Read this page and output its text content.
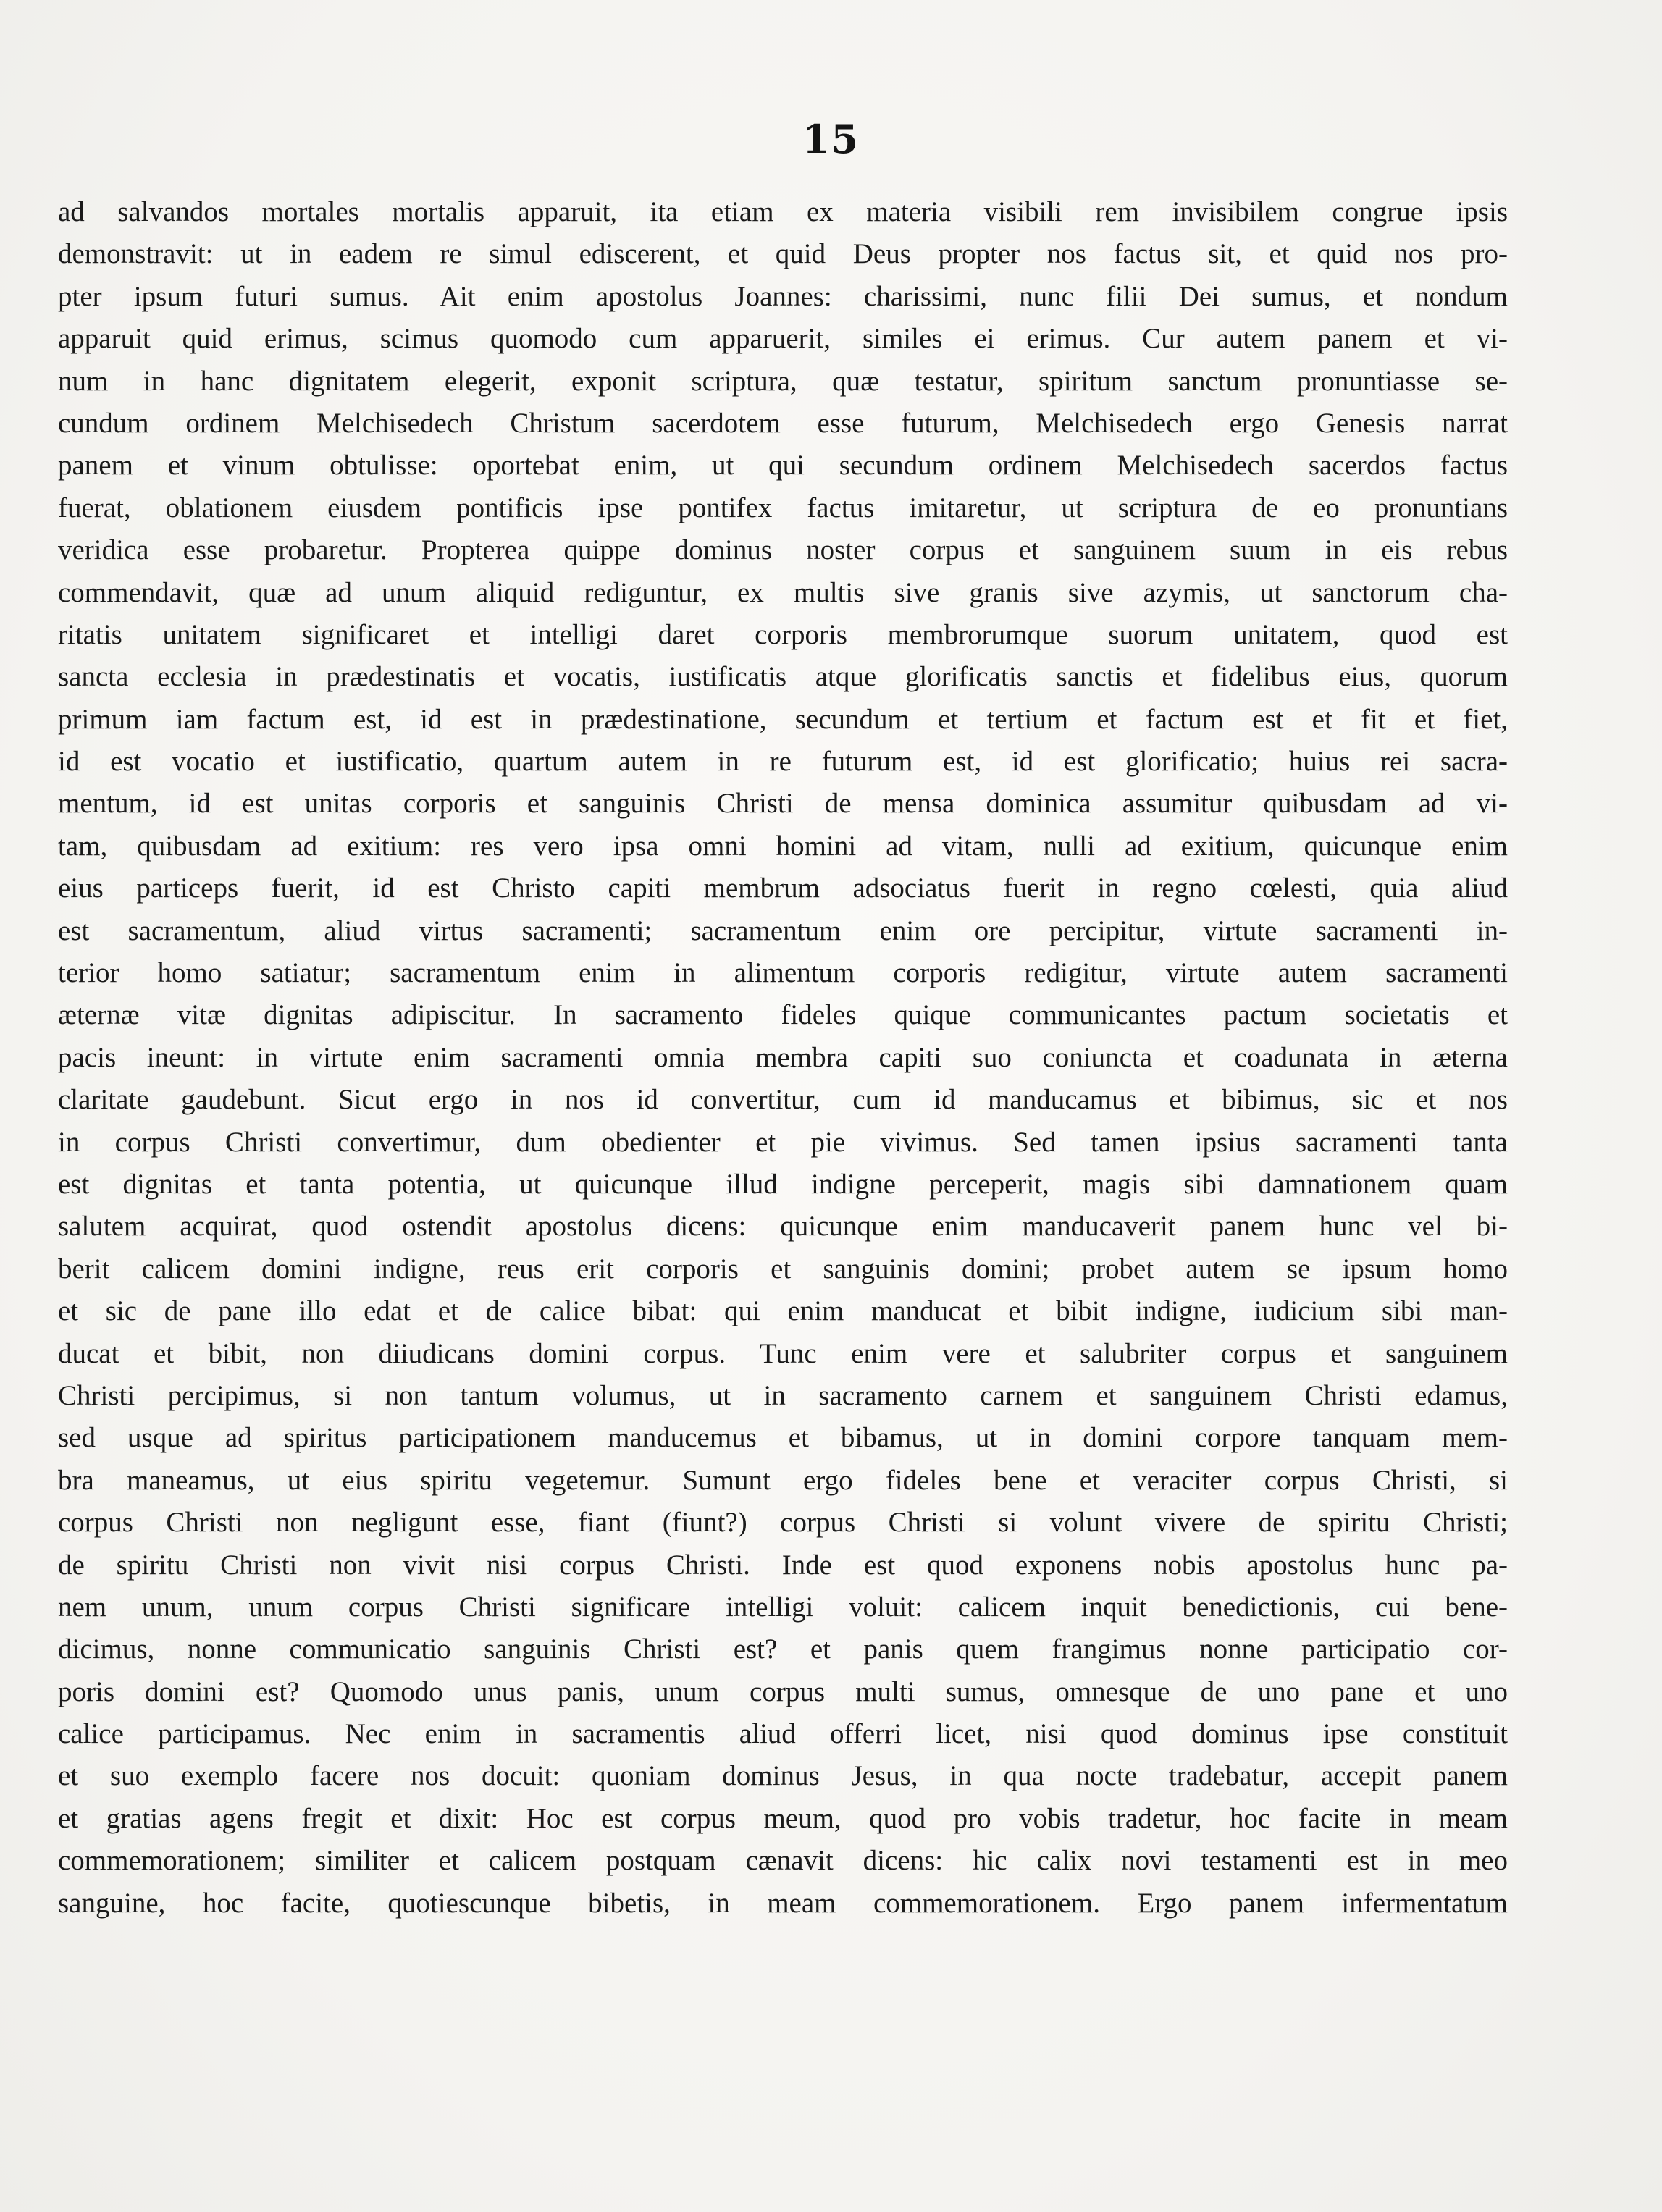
15
ad salvandos mortales mortalis apparuit, ita etiam ex materia visibili rem invisibilem congrue ipsis
demonstravit: ut in eadem re simul ediscerent, et quid Deus propter nos factus sit, et quid nos pro-
pter ipsum futuri sumus. Ait enim apostolus Joannes: charissimi, nunc filii Dei sumus, et nondum
apparuit quid erimus, scimus quomodo cum apparuerit, similes ei erimus. Cur autem panem et vi-
num in hanc dignitatem elegerit, exponit scriptura, quæ testatur, spiritum sanctum pronuntiasse se-
cundum ordinem Melchisedech Christum sacerdotem esse futurum, Melchisedech ergo Genesis narrat
panem et vinum obtulisse: oportebat enim, ut qui secundum ordinem Melchisedech sacerdos factus
fuerat, oblationem eiusdem pontificis ipse pontifex factus imitaretur, ut scriptura de eo pronuntians
veridica esse probaretur. Propterea quippe dominus noster corpus et sanguinem suum in eis rebus
commendavit, quæ ad unum aliquid rediguntur, ex multis sive granis sive azymis, ut sanctorum cha-
ritatis unitatem significaret et intelligi daret corporis membrorumque suorum unitatem, quod est
sancta ecclesia in prædestinatis et vocatis, iustificatis atque glorificatis sanctis et fidelibus eius, quorum
primum iam factum est, id est in prædestinatione, secundum et tertium et factum est et fit et fiet,
id est vocatio et iustificatio, quartum autem in re futurum est, id est glorificatio; huius rei sacra-
mentum, id est unitas corporis et sanguinis Christi de mensa dominica assumitur quibusdam ad vi-
tam, quibusdam ad exitium: res vero ipsa omni homini ad vitam, nulli ad exitium, quicunque enim
eius particeps fuerit, id est Christo capiti membrum adsociatus fuerit in regno cœlesti, quia aliud
est sacramentum, aliud virtus sacramenti; sacramentum enim ore percipitur, virtute sacramenti in-
terior homo satiatur; sacramentum enim in alimentum corporis redigitur, virtute autem sacramenti
æternæ vitæ dignitas adipiscitur. In sacramento fideles quique communicantes pactum societatis et
pacis ineunt: in virtute enim sacramenti omnia membra capiti suo coniuncta et coadunata in æterna
claritate gaudebunt. Sicut ergo in nos id convertitur, cum id manducamus et bibimus, sic et nos
in corpus Christi convertimur, dum obedienter et pie vivimus. Sed tamen ipsius sacramenti tanta
est dignitas et tanta potentia, ut quicunque illud indigne perceperit, magis sibi damnationem quam
salutem acquirat, quod ostendit apostolus dicens: quicunque enim manducaverit panem hunc vel bi-
berit calicem domini indigne, reus erit corporis et sanguinis domini; probet autem se ipsum homo
et sic de pane illo edat et de calice bibat: qui enim manducat et bibit indigne, iudicium sibi man-
ducat et bibit, non diiudicans domini corpus. Tunc enim vere et salubriter corpus et sanguinem
Christi percipimus, si non tantum volumus, ut in sacramento carnem et sanguinem Christi edamus,
sed usque ad spiritus participationem manducemus et bibamus, ut in domini corpore tanquam mem-
bra maneamus, ut eius spiritu vegetemur. Sumunt ergo fideles bene et veraciter corpus Christi, si
corpus Christi non negligunt esse, fiant (fiunt?) corpus Christi si volunt vivere de spiritu Christi;
de spiritu Christi non vivit nisi corpus Christi. Inde est quod exponens nobis apostolus hunc pa-
nem unum, unum corpus Christi significare intelligi voluit: calicem inquit benedictionis, cui bene-
dicimus, nonne communicatio sanguinis Christi est? et panis quem frangimus nonne participatio cor-
poris domini est? Quomodo unus panis, unum corpus multi sumus, omnesque de uno pane et uno
calice participamus. Nec enim in sacramentis aliud offerri licet, nisi quod dominus ipse constituit
et suo exemplo facere nos docuit: quoniam dominus Jesus, in qua nocte tradebatur, accepit panem
et gratias agens fregit et dixit: Hoc est corpus meum, quod pro vobis tradetur, hoc facite in meam
commemorationem; similiter et calicem postquam cænavit dicens: hic calix novi testamenti est in meo
sanguine, hoc facite, quotiescunque bibetis, in meam commemorationem. Ergo panem infermentatum
